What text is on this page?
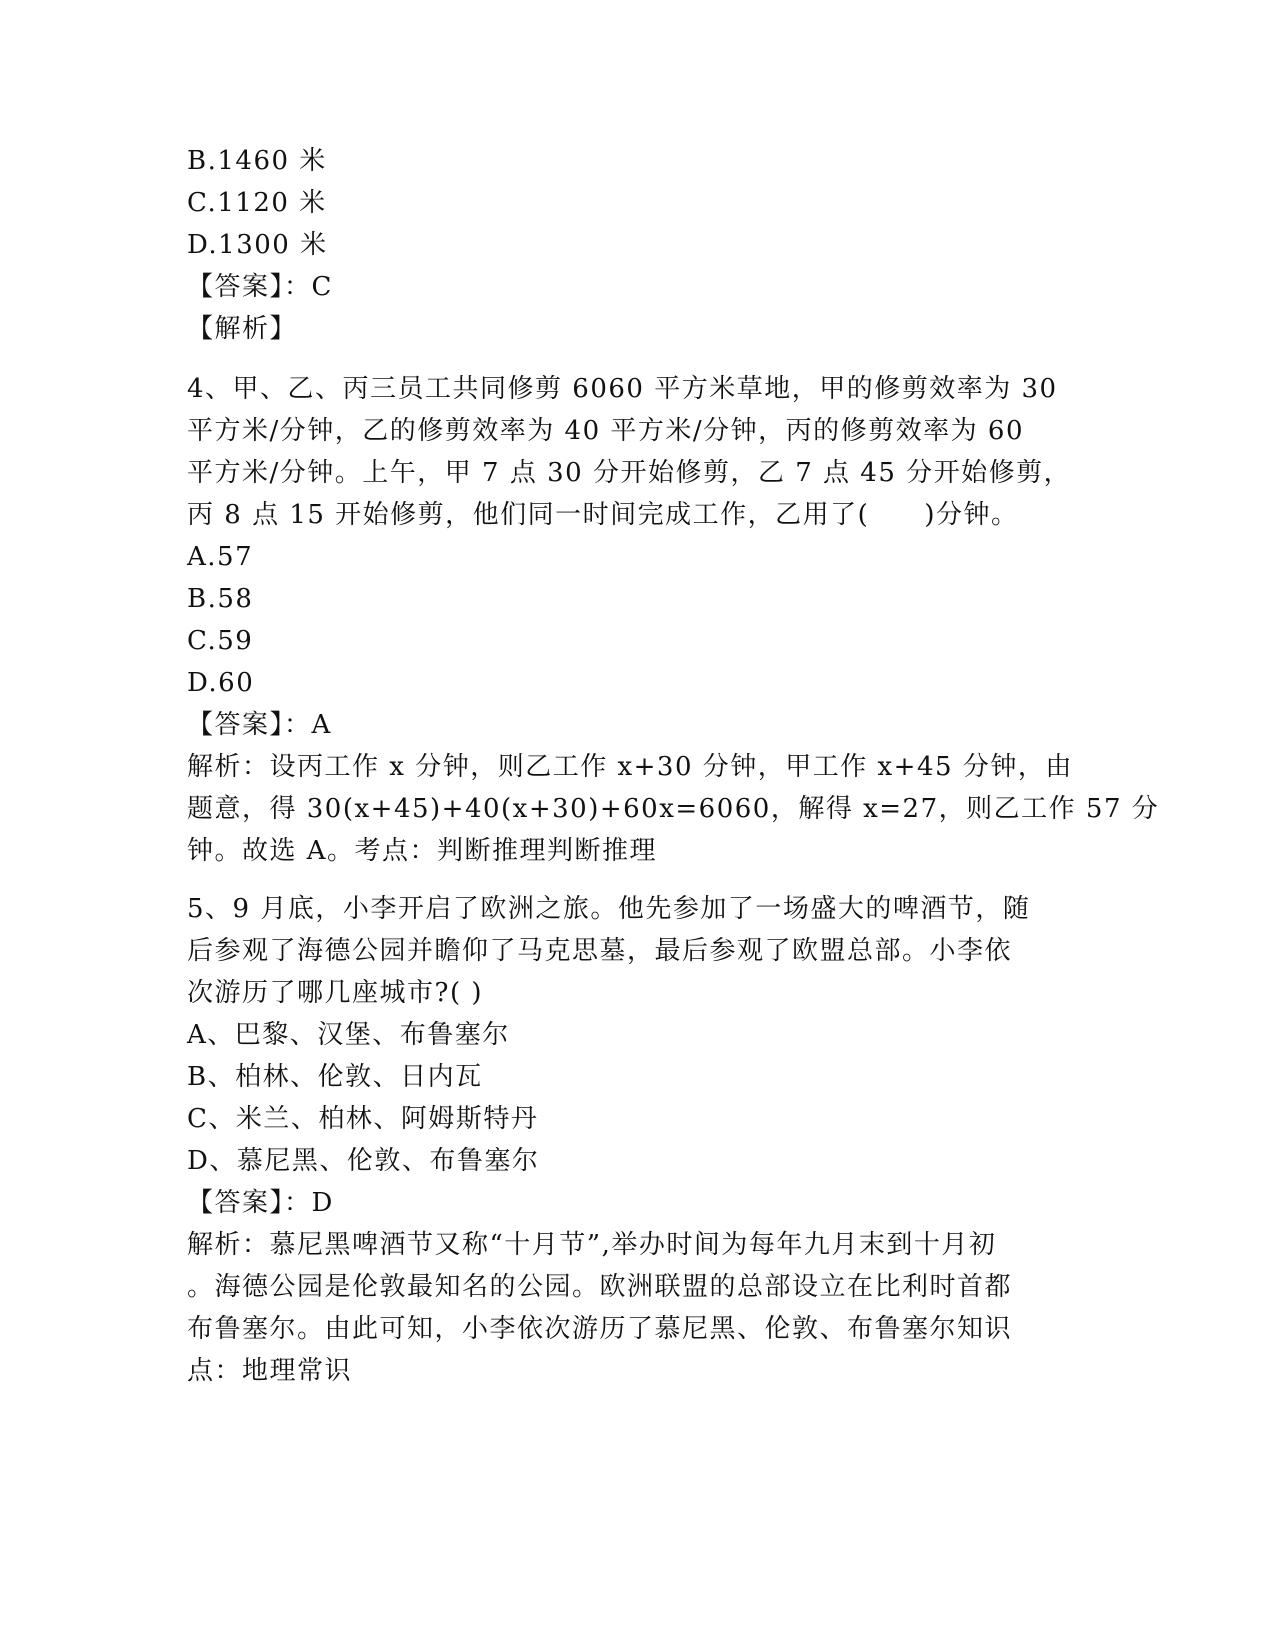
B.1460 米
C.1120 米
D.1300 米
【答案】：C
【解析】
4、甲、乙、丙三员工共同修剪 6060 平方米草地，甲的修剪效率为 30
平方米/分钟，乙的修剪效率为 40 平方米/分钟，丙的修剪效率为 60
平方米/分钟。上午，甲 7 点 30 分开始修剪，乙 7 点 45 分开始修剪，
丙 8 点 15 开始修剪，他们同一时间完成工作，乙用了(　　)分钟。
A.57
B.58
C.59
D.60
【答案】：A
解析：设丙工作 x 分钟，则乙工作 x+30 分钟，甲工作 x+45 分钟，由
题意，得 30(x+45)+40(x+30)+60x=6060，解得 x=27，则乙工作 57 分
钟。故选 A。考点：判断推理判断推理
5、9 月底，小李开启了欧洲之旅。他先参加了一场盛大的啤酒节，随
后参观了海德公园并瞻仰了马克思墓，最后参观了欧盟总部。小李依
次游历了哪几座城市?( )
A、巴黎、汉堡、布鲁塞尔
B、柏林、伦敦、日内瓦
C、米兰、柏林、阿姆斯特丹
D、慕尼黑、伦敦、布鲁塞尔
【答案】：D
解析：慕尼黑啤酒节又称“十月节”,举办时间为每年九月末到十月初
。海德公园是伦敦最知名的公园。欧洲联盟的总部设立在比利时首都
布鲁塞尔。由此可知，小李依次游历了慕尼黑、伦敦、布鲁塞尔知识
点：地理常识
